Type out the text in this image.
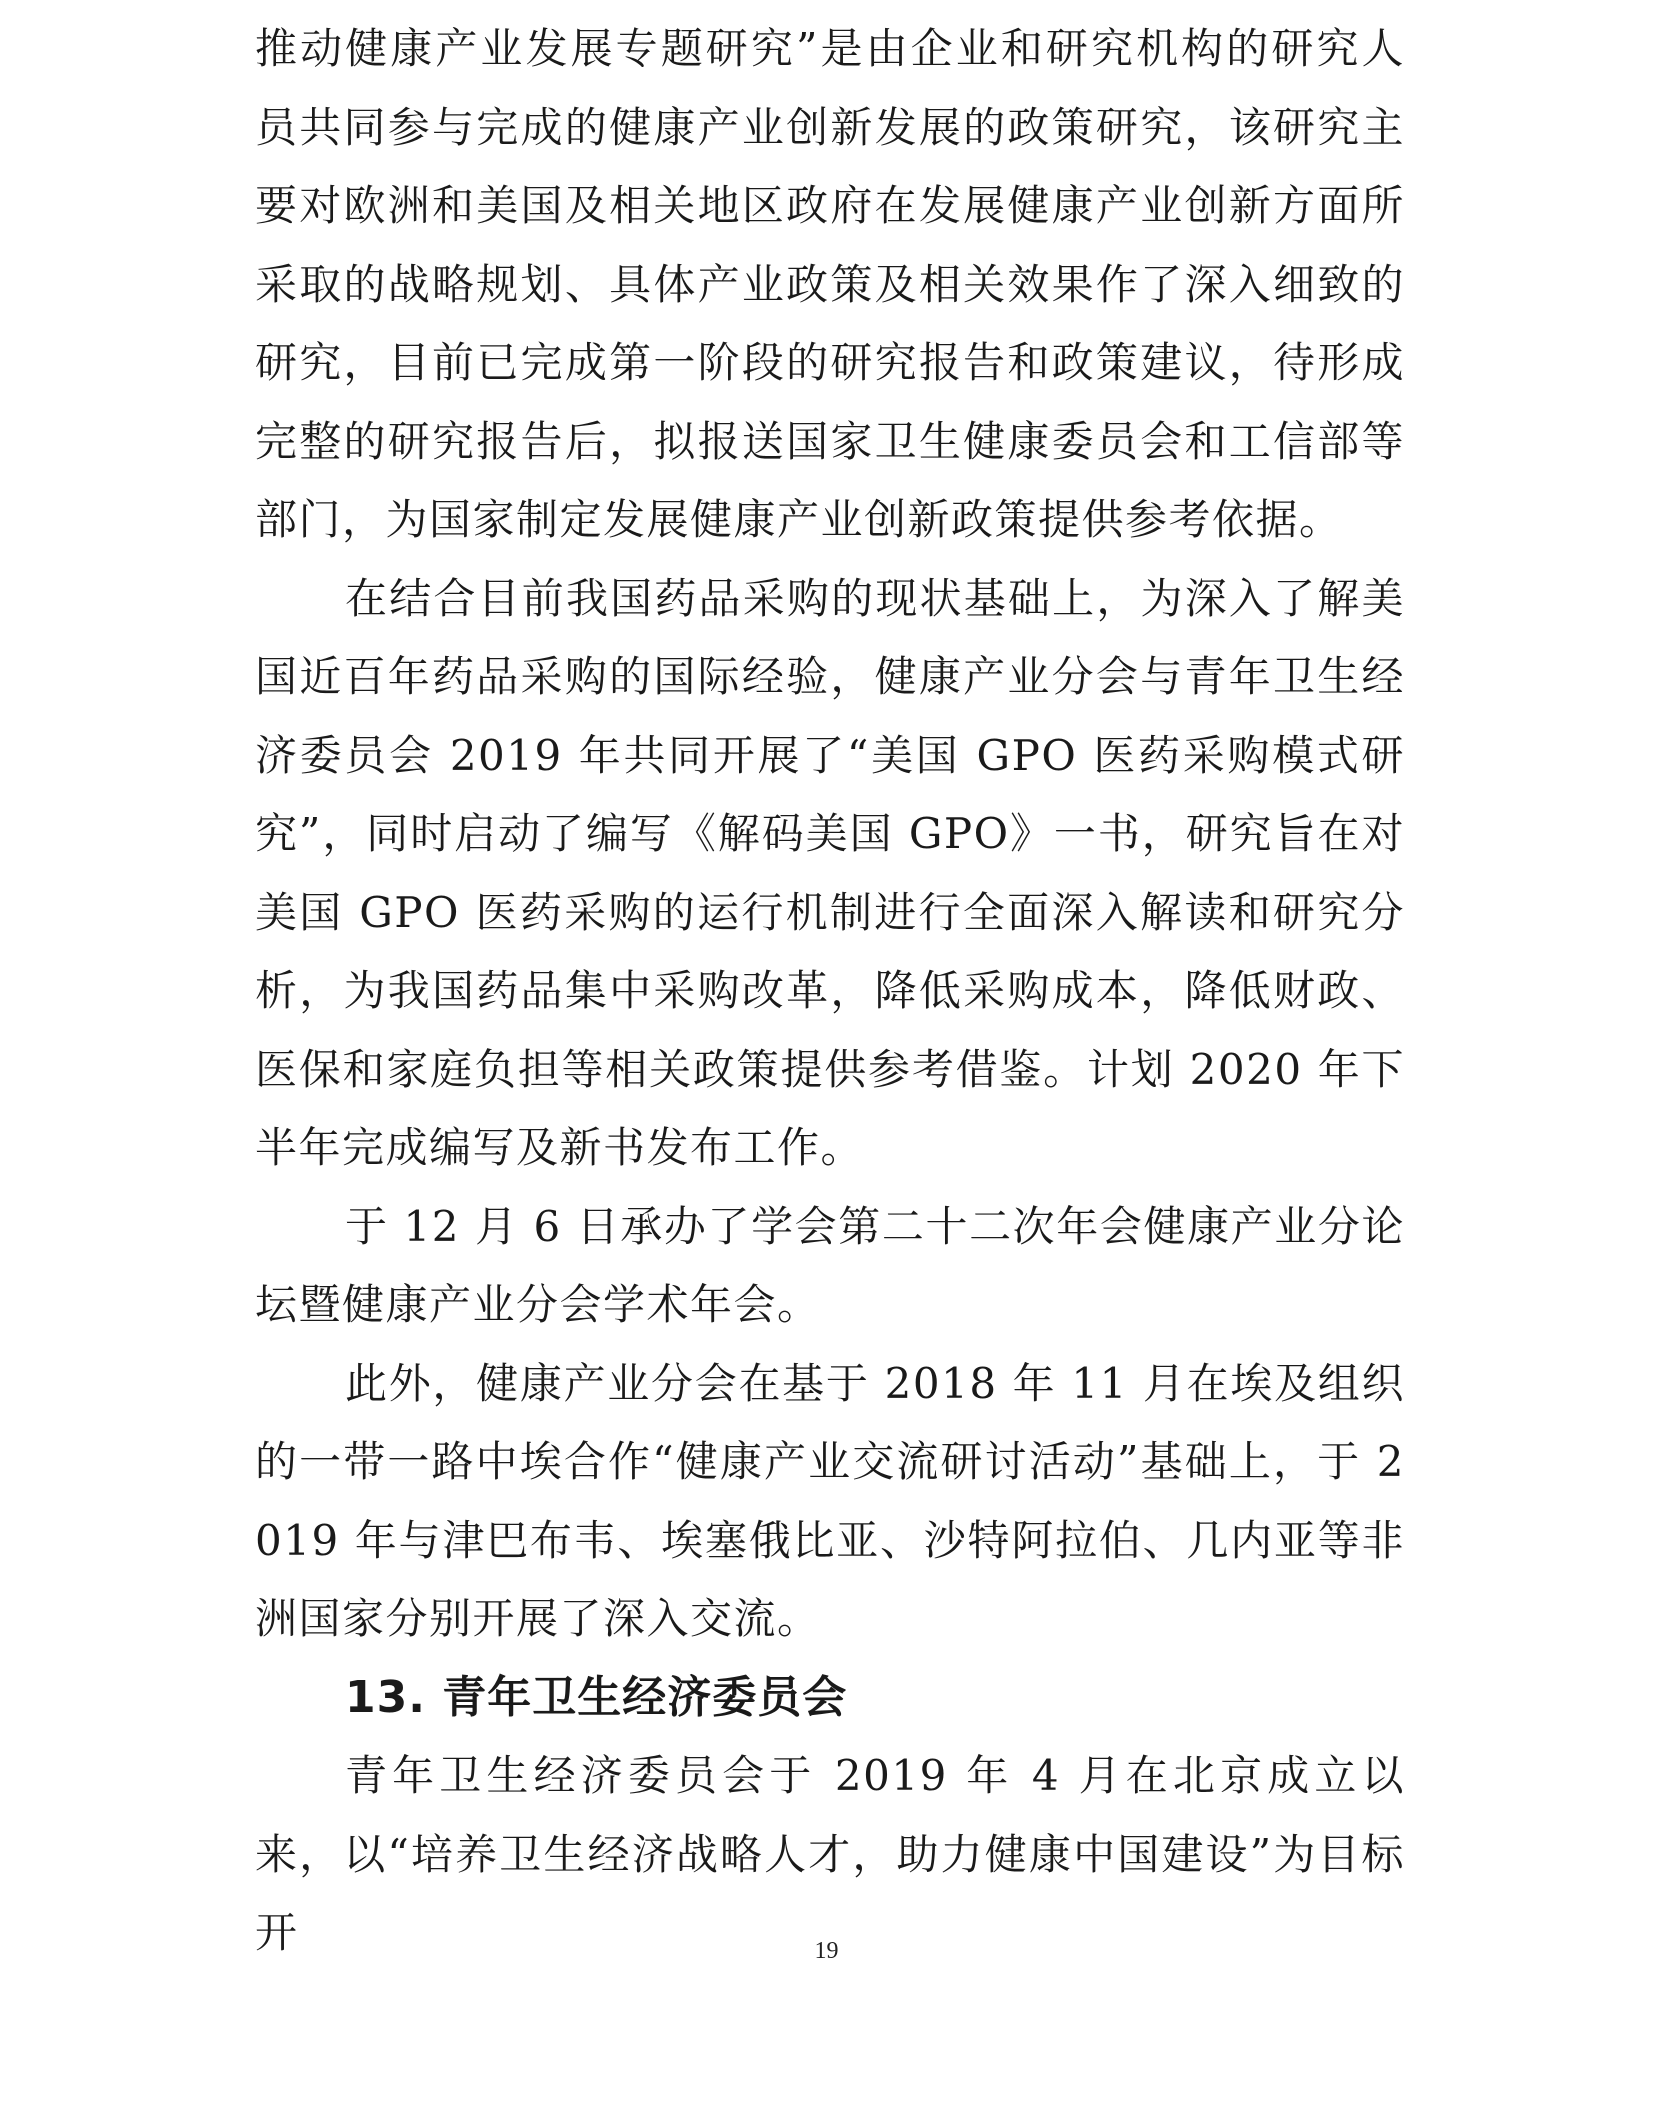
推动健康产业发展专题研究”是由企业和研究机构的研究人员共同参与完成的健康产业创新发展的政策研究，该研究主要对欧洲和美国及相关地区政府在发展健康产业创新方面所采取的战略规划、具体产业政策及相关效果作了深入细致的研究，目前已完成第一阶段的研究报告和政策建议，待形成完整的研究报告后，拟报送国家卫生健康委员会和工信部等部门，为国家制定发展健康产业创新政策提供参考依据。

在结合目前我国药品采购的现状基础上，为深入了解美国近百年药品采购的国际经验，健康产业分会与青年卫生经济委员会 2019 年共同开展了“美国 GPO 医药采购模式研究”，同时启动了编写《解码美国 GPO》一书，研究旨在对美国 GPO 医药采购的运行机制进行全面深入解读和研究分析，为我国药品集中采购改革，降低采购成本，降低财政、医保和家庭负担等相关政策提供参考借鉴。计划 2020 年下半年完成编写及新书发布工作。

于 12 月 6 日承办了学会第二十二次年会健康产业分论坛暨健康产业分会学术年会。

此外，健康产业分会在基于 2018 年 11 月在埃及组织的一带一路中埃合作“健康产业交流研讨活动”基础上，于 2019 年与津巴布韦、埃塞俄比亚、沙特阿拉伯、几内亚等非洲国家分别开展了深入交流。

13. 青年卫生经济委员会

青年卫生经济委员会于 2019 年 4 月在北京成立以来，以“培养卫生经济战略人才，助力健康中国建设”为目标开	19
